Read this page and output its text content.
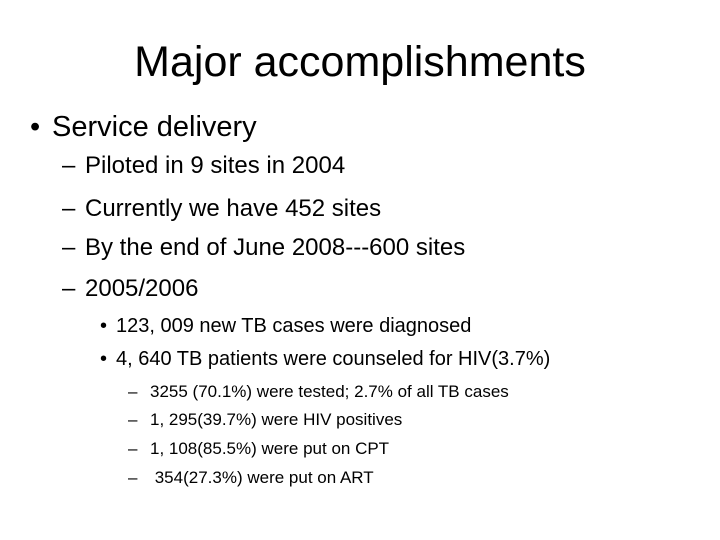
Major accomplishments
• Service delivery
– Piloted in 9 sites in 2004
– Currently we have 452 sites
– By the end of June 2008---600 sites
– 2005/2006
• 123, 009 new TB cases were diagnosed
• 4, 640 TB patients were counseled for HIV(3.7%)
– 3255 (70.1%) were tested; 2.7% of all TB cases
– 1, 295(39.7%) were HIV positives
– 1, 108(85.5%) were put on CPT
– 354(27.3%) were put on ART
